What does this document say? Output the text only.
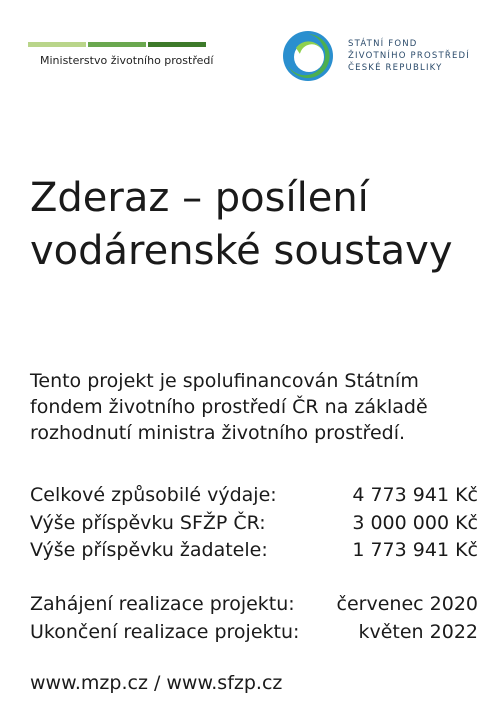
Ministerstvo životního prostředí
STÁTNÍ FOND
ŽIVOTNÍHO PROSTŘEDÍ
ČESKÉ REPUBLIKY
Zderaz – posílení
vodárenské soustavy
Tento projekt je spolufinancován Státním
fondem životního prostředí ČR na základě
rozhodnutí ministra životního prostředí.
Celkové způsobilé výdaje:	4 773 941 Kč
Výše příspěvku SFŽP ČR:	3 000 000 Kč
Výše příspěvku žadatele:	1 773 941 Kč
Zahájení realizace projektu: červenec 2020
Ukončení realizace projektu:	květen 2022
www.mzp.cz / www.sfzp.cz
